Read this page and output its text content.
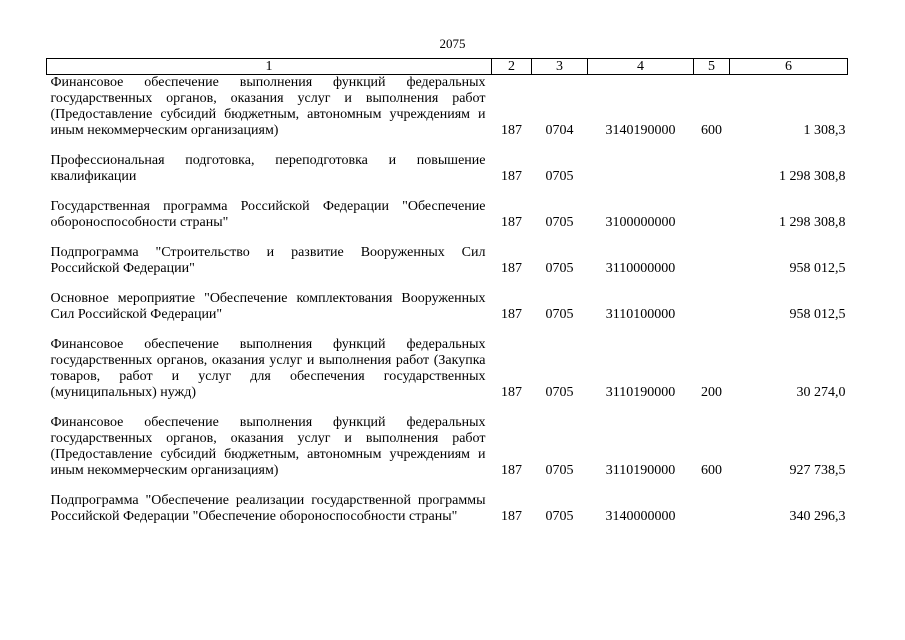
2075
1	2	3	4	5	6
Финансовое обеспечение выполнения функций федеральных государственных органов, оказания услуг и выполнения работ (Предоставление субсидий бюджетным, автономным учреждениям и иным некоммерческим организациям)	187	0704	3140190000	600	1 308,3

Профессиональная подготовка, переподготовка и повышение квалификации	187	0705			1 298 308,8

Государственная программа Российской Федерации "Обеспечение обороноспособности страны"	187	0705	3100000000		1 298 308,8

Подпрограмма "Строительство и развитие Вооруженных Сил Российской Федерации"	187	0705	3110000000		958 012,5

Основное мероприятие "Обеспечение комплектования Вооруженных Сил Российской Федерации"	187	0705	3110100000		958 012,5

Финансовое обеспечение выполнения функций федеральных государственных органов, оказания услуг и выполнения работ (Закупка товаров, работ и услуг для обеспечения государственных (муниципальных) нужд)	187	0705	3110190000	200	30 274,0

Финансовое обеспечение выполнения функций федеральных государственных органов, оказания услуг и выполнения работ (Предоставление субсидий бюджетным, автономным учреждениям и иным некоммерческим организациям)	187	0705	3110190000	600	927 738,5

Подпрограмма "Обеспечение реализации государственной программы Российской Федерации "Обеспечение обороноспособности страны"	187	0705	3140000000		340 296,3
